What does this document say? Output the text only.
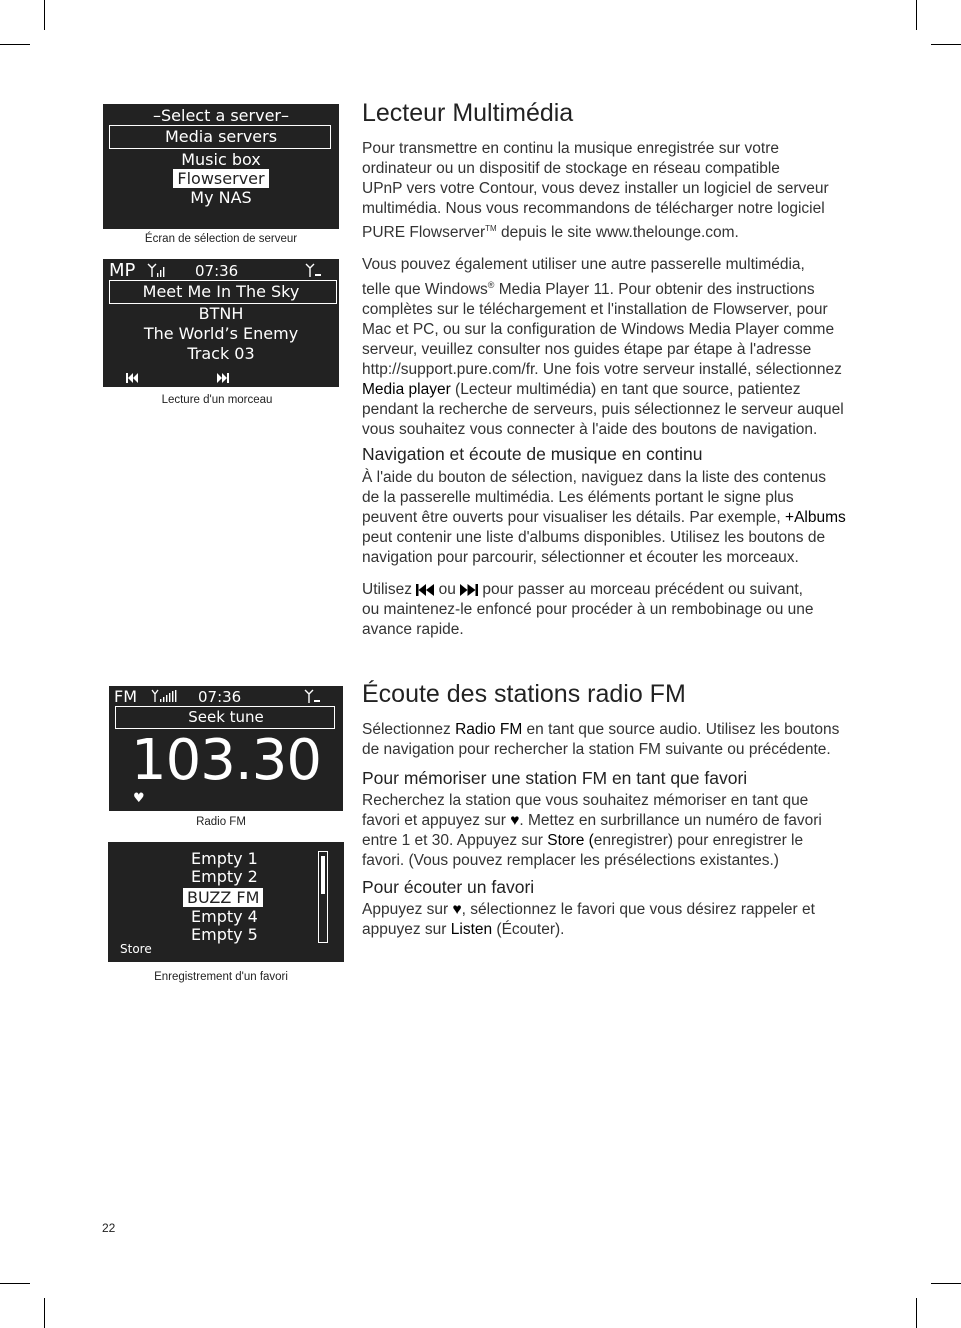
–Select a server–
Media servers
Music box
Flowserver
My NAS
Écran de sélection de serveur
MP	07:36
Meet Me In The Sky
BTNH
The World’s Enemy
Track 03
Lecture d'un morceau
FM	07:36
Seek tune
103.30
♥
Radio FM
Empty 1
Empty 2
BUZZ FM
Empty 4
Empty 5
Store
Enregistrement d'un favori
Lecteur Multimédia

Pour transmettre en continu la musique enregistrée sur votre
ordinateur ou un dispositif de stockage en réseau compatible
UPnP vers votre Contour, vous devez installer un logiciel de serveur
multimédia. Nous vous recommandons de télécharger notre logiciel
PURE Flowserver™ depuis le site www.thelounge.com.

Vous pouvez également utiliser une autre passerelle multimédia,
telle que Windows® Media Player 11. Pour obtenir des instructions
complètes sur le téléchargement et l'installation de Flowserver, pour
Mac et PC, ou sur la configuration de Windows Media Player comme
serveur, veuillez consulter nos guides étape par étape à l'adresse
http://support.pure.com/fr. Une fois votre serveur installé, sélectionnez
Media player (Lecteur multimédia) en tant que source, patientez
pendant la recherche de serveurs, puis sélectionnez le serveur auquel
vous souhaitez vous connecter à l'aide des boutons de navigation.

Navigation et écoute de musique en continu

À l'aide du bouton de sélection, naviguez dans la liste des contenus
de la passerelle multimédia. Les éléments portant le signe plus
peuvent être ouverts pour visualiser les détails. Par exemple, +Albums
peut contenir une liste d'albums disponibles. Utilisez les boutons de
navigation pour parcourir, sélectionner et écouter les morceaux.

Utilisez  ou  pour passer au morceau précédent ou suivant,
ou maintenez-le enfoncé pour procéder à un rembobinage ou une
avance rapide.

Écoute des stations radio FM

Sélectionnez Radio FM en tant que source audio. Utilisez les boutons
de navigation pour rechercher la station FM suivante ou précédente.

Pour mémoriser une station FM en tant que favori

Recherchez la station que vous souhaitez mémoriser en tant que
favori et appuyez sur ♥. Mettez en surbrillance un numéro de favori
entre 1 et 30. Appuyez sur Store (enregistrer) pour enregistrer le
favori. (Vous pouvez remplacer les présélections existantes.)

Pour écouter un favori

Appuyez sur ♥, sélectionnez le favori que vous désirez rappeler et
appuyez sur Listen (Écouter).

22
